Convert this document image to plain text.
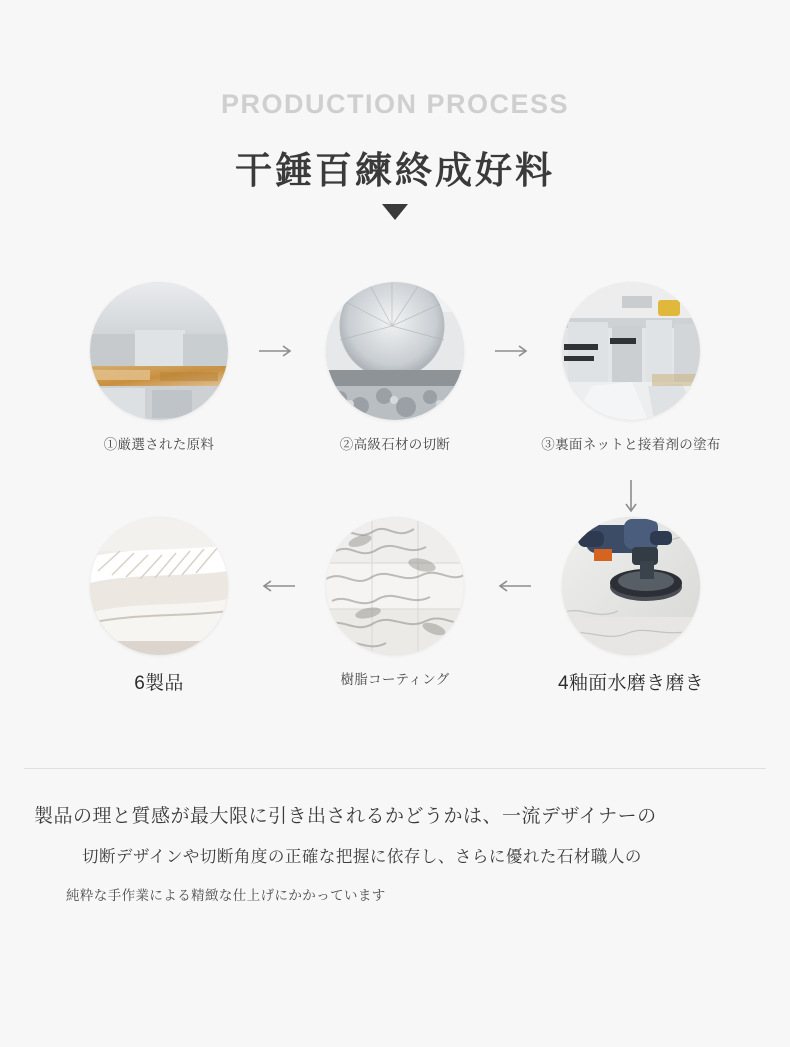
PRODUCTION PROCESS
干錘百練終成好料
①厳選された原料	②高級石材の切断	③裏面ネットと接着剤の塗布
6製品	樹脂コーティング	4釉面水磨き磨き
製品の理と質感が最大限に引き出されるかどうかは、一流デザイナーの
切断デザインや切断角度の正確な把握に依存し、さらに優れた石材職人の
純粋な手作業による精緻な仕上げにかかっています
